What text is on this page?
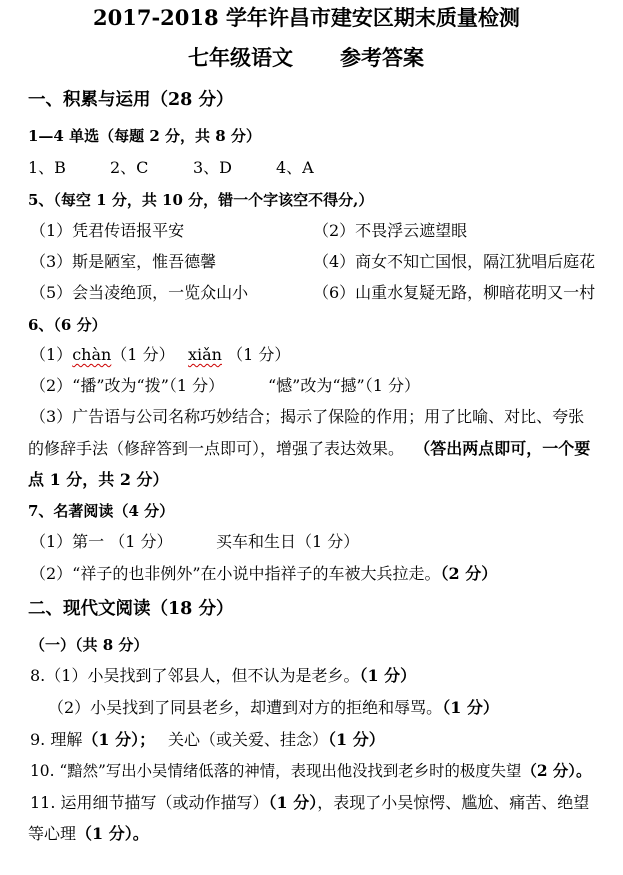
2017-2018 学年许昌市建安区期末质量检测
七年级语文 参考答案
一、积累与运用（28 分）
1—4 单选（每题 2 分，共 8 分）
1、B	2、C	3、D	4、A
5、（每空 1 分，共 10 分，错一个字该空不得分,）
（1）凭君传语报平安	（2）不畏浮云遮望眼
（3）斯是陋室，惟吾德馨	（4）商女不知亡国恨，隔江犹唱后庭花
（5）会当凌绝顶，一览众山小	（6）山重水复疑无路，柳暗花明又一村
6、（6 分）
（1）chàn（1 分） xiǎn （1 分）
（2）“播”改为“拨”（1 分）	“憾”改为“撼”（1 分）
（3）广告语与公司名称巧妙结合；揭示了保险的作用；用了比喻、对比、夸张
的修辞手法（修辞答到一点即可），增强了表达效果。 （答出两点即可，一个要
点 1 分，共 2 分）
7、名著阅读（4 分）
（1）第一 （1 分）	买车和生日（1 分）
（2）“祥子的也非例外”在小说中指祥子的车被大兵拉走。（2 分）
二、现代文阅读（18 分）
（一）（共 8 分）
8.（1）小吴找到了邻县人，但不认为是老乡。（1 分）
（2）小吴找到了同县老乡，却遭到对方的拒绝和辱骂。（1 分）
9. 理解（1 分）； 关心（或关爱、挂念）（1 分）
10. “黯然”写出小吴情绪低落的神情，表现出他没找到老乡时的极度失望（2 分）。
11. 运用细节描写（或动作描写）（1 分），表现了小吴惊愕、尴尬、痛苦、绝望
等心理（1 分）。
